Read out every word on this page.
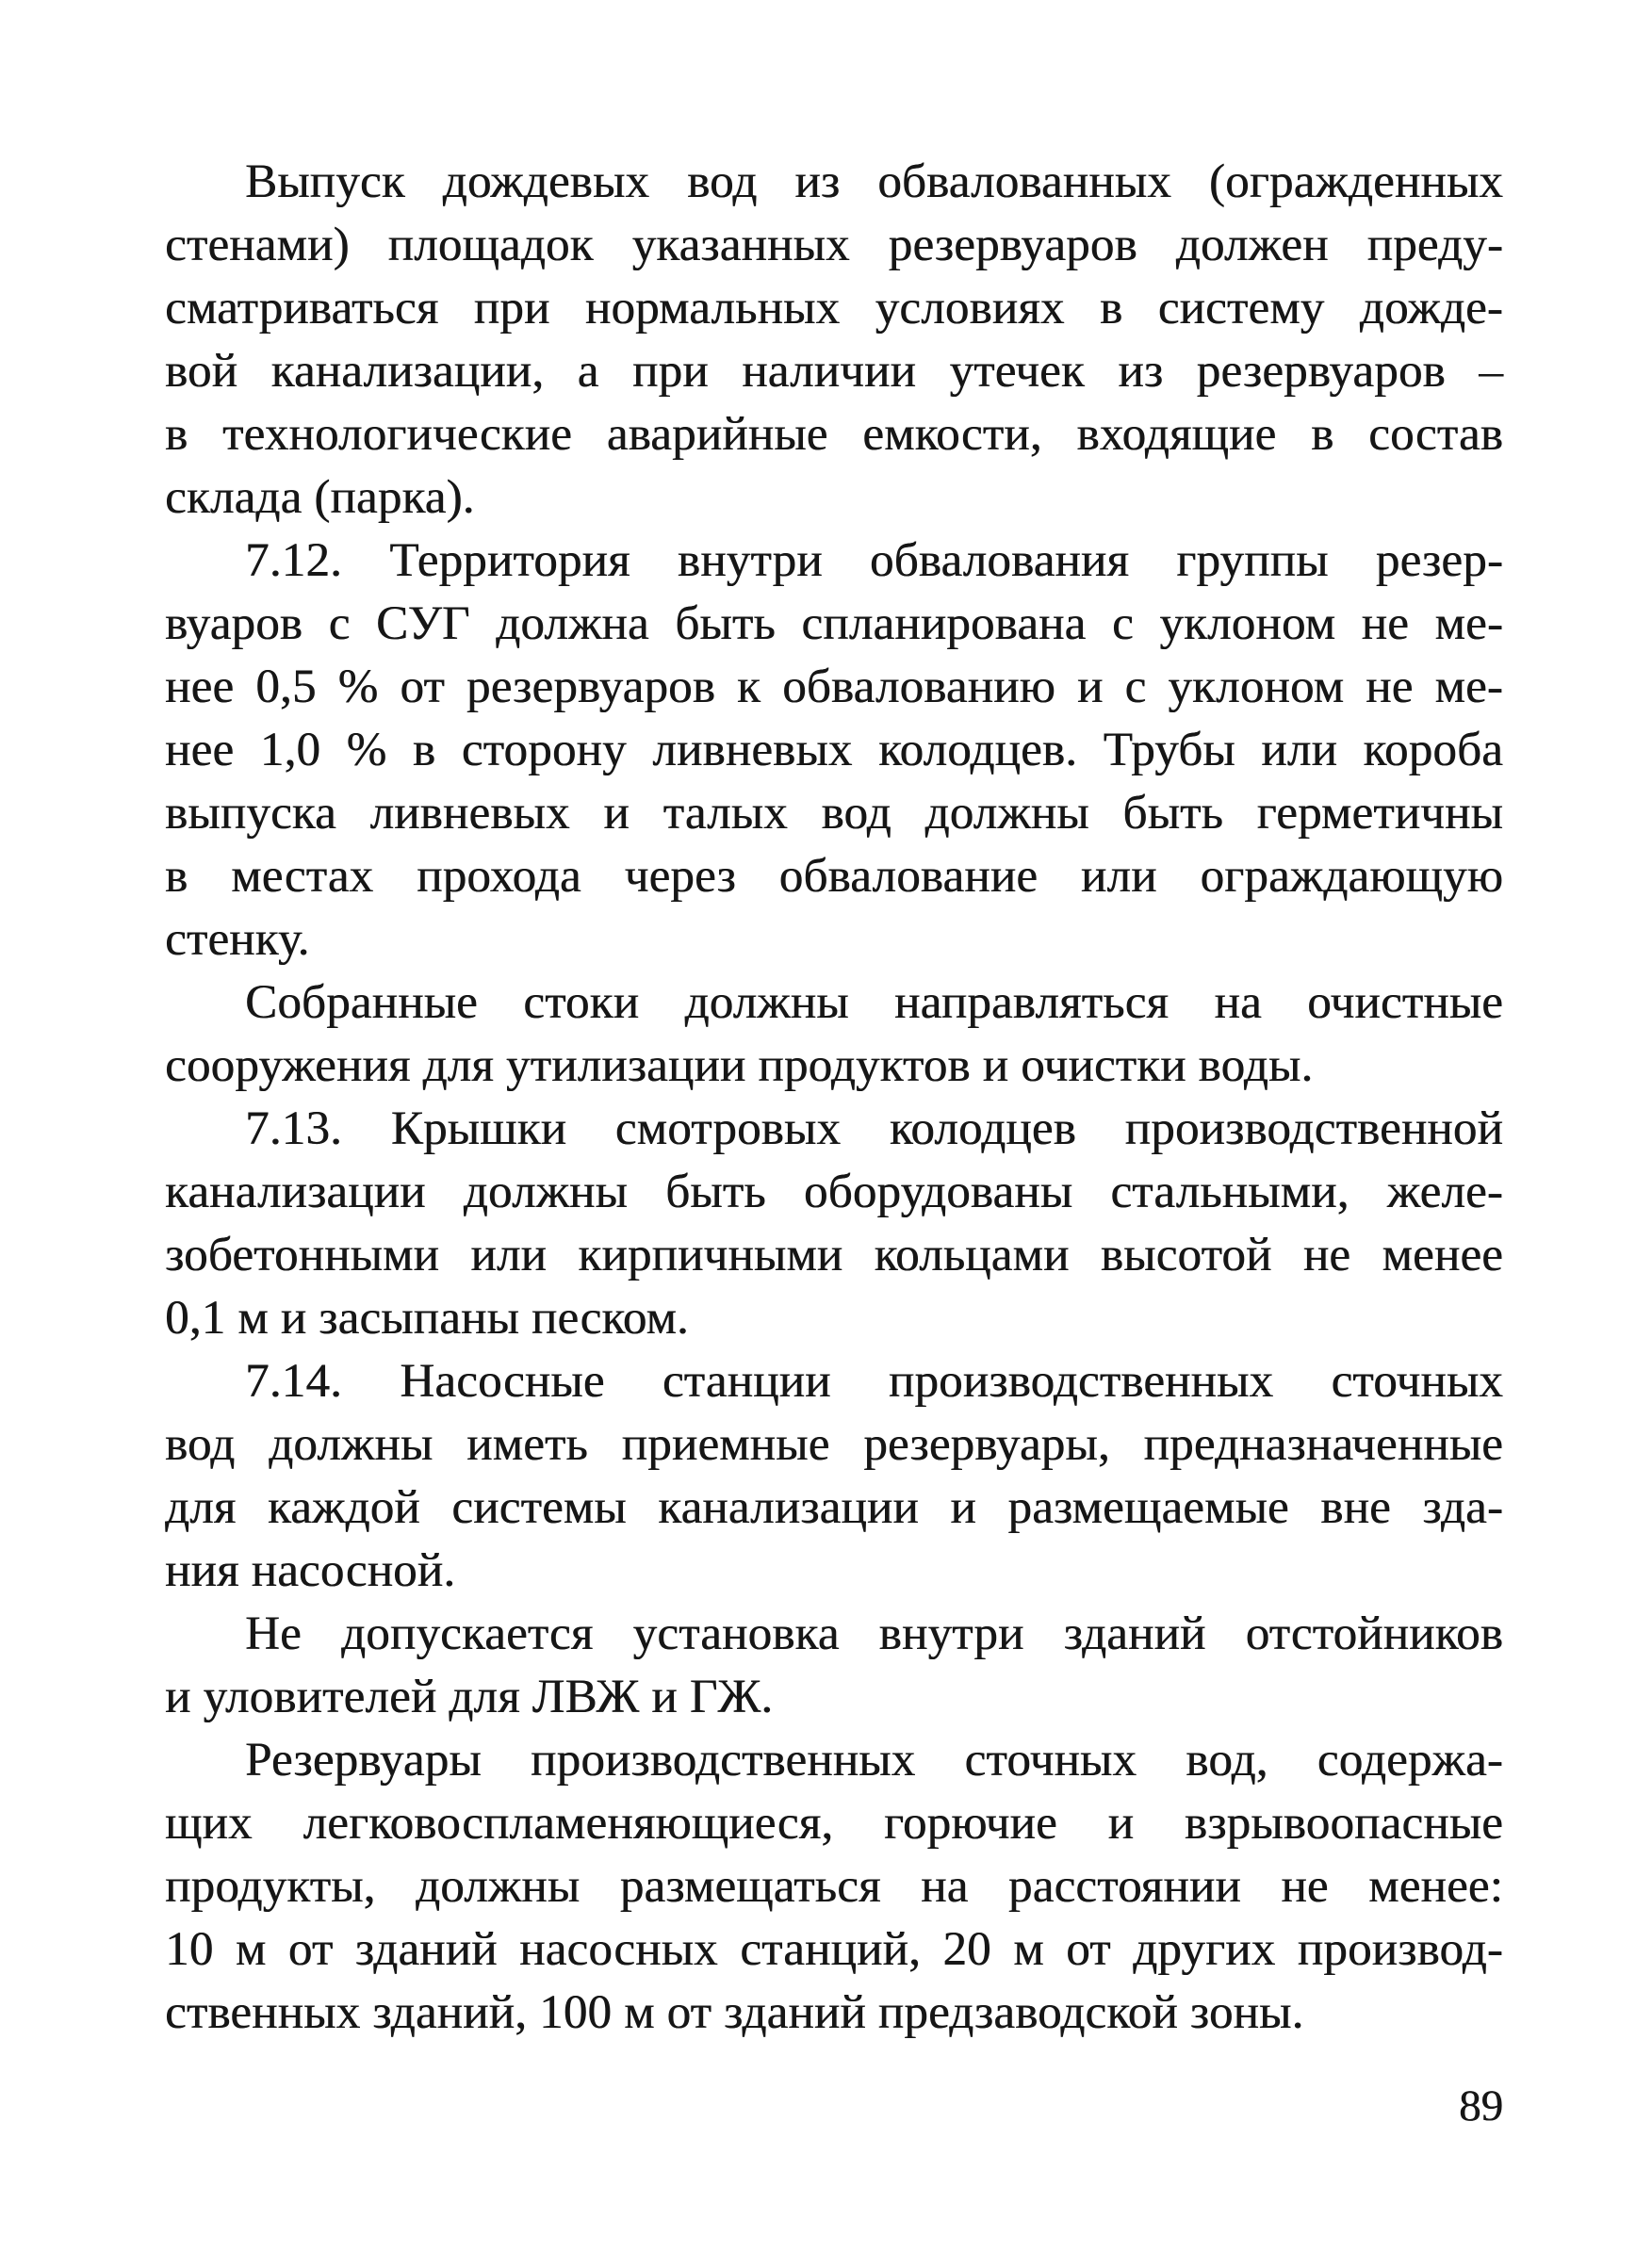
Выпуск дождевых вод из обвалованных (огражденных
стенами) площадок указанных резервуаров должен преду-
сматриваться при нормальных условиях в систему дожде-
вой канализации, а при наличии утечек из резервуаров –
в технологические аварийные емкости, входящие в состав
склада (парка).
7.12. Территория внутри обвалования группы резер-
вуаров с СУГ должна быть спланирована с уклоном не ме-
нее 0,5 % от резервуаров к обвалованию и с уклоном не ме-
нее 1,0 % в сторону ливневых колодцев. Трубы или короба
выпуска ливневых и талых вод должны быть герметичны
в местах прохода через обвалование или ограждающую
стенку.
Собранные стоки должны направляться на очистные
сооружения для утилизации продуктов и очистки воды.
7.13. Крышки смотровых колодцев производственной
канализации должны быть оборудованы стальными, желе-
зобетонными или кирпичными кольцами высотой не менее
0,1 м и засыпаны песком.
7.14. Насосные станции производственных сточных
вод должны иметь приемные резервуары, предназначенные
для каждой системы канализации и размещаемые вне зда-
ния насосной.
Не допускается установка внутри зданий отстойников
и уловителей для ЛВЖ и ГЖ.
Резервуары производственных сточных вод, содержа-
щих легковоспламеняющиеся, горючие и взрывоопасные
продукты, должны размещаться на расстоянии не менее:
10 м от зданий насосных станций, 20 м от других производ-
ственных зданий, 100 м от зданий предзаводской зоны.
89
